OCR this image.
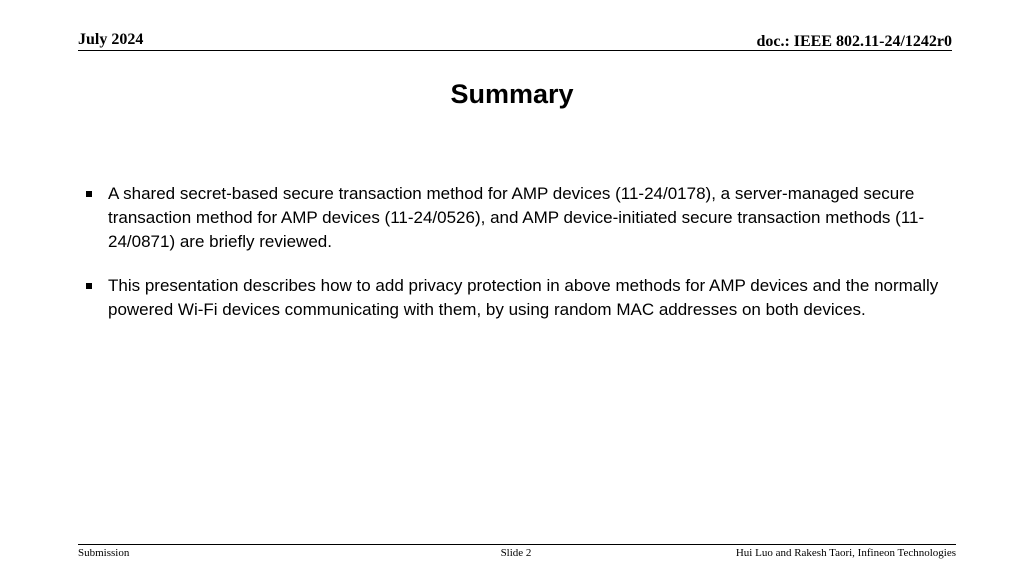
July 2024	doc.: IEEE 802.11-24/1242r0
Summary
A shared secret-based secure transaction method for AMP devices (11-24/0178), a server-managed secure transaction method for AMP devices (11-24/0526), and AMP device-initiated secure transaction methods (11-24/0871) are briefly reviewed.
This presentation describes how to add privacy protection in above methods for AMP devices and the normally powered Wi-Fi devices communicating with them, by using random MAC addresses on both devices.
Submission	Slide 2	Hui Luo and Rakesh Taori, Infineon Technologies
